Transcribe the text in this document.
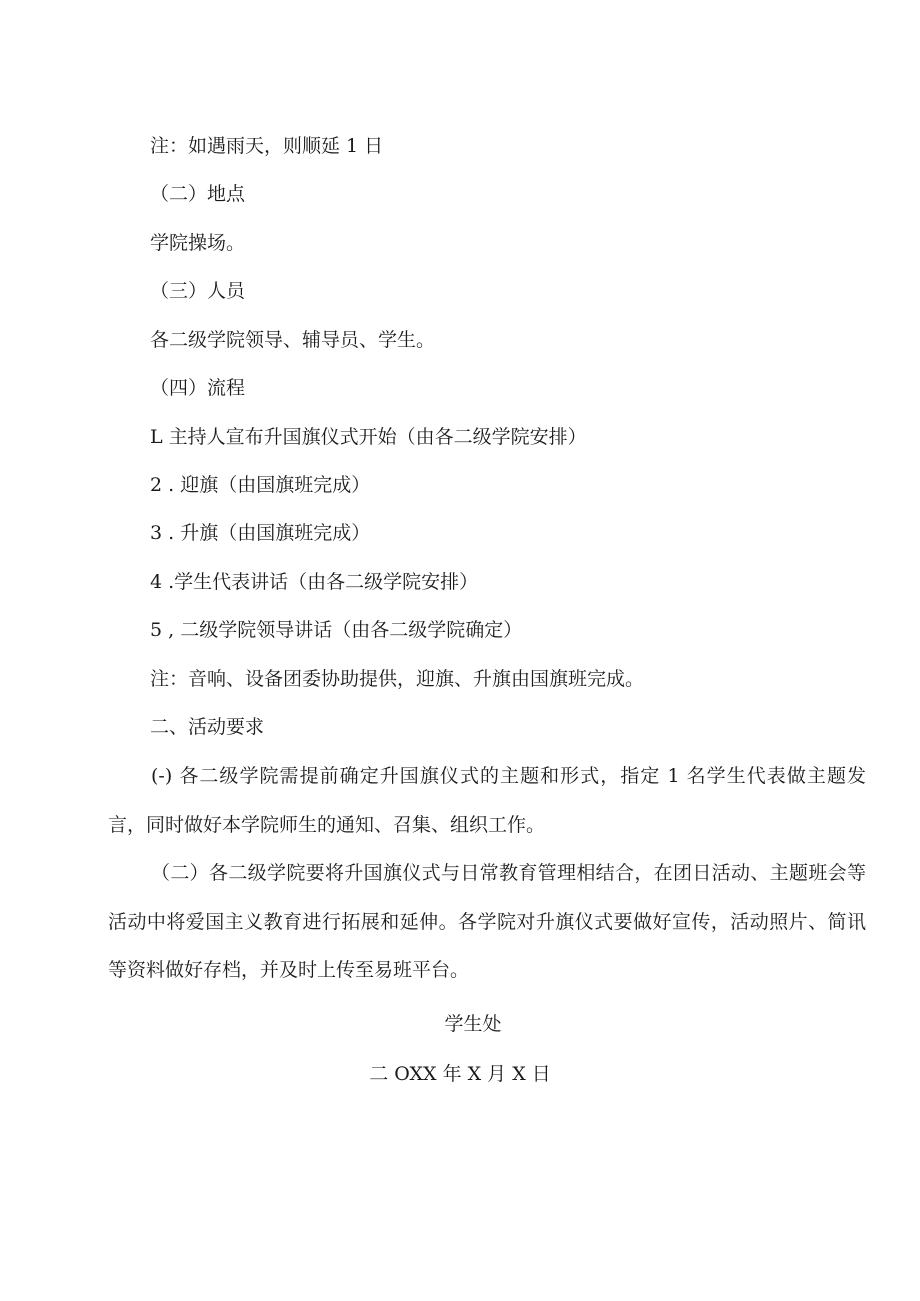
注：如遇雨天，则顺延 1 日
（二）地点
学院操场。
（三）人员
各二级学院领导、辅导员、学生。
（四）流程
L 主持人宣布升国旗仪式开始（由各二级学院安排）
2 . 迎旗（由国旗班完成）
3 . 升旗（由国旗班完成）
4 .学生代表讲话（由各二级学院安排）
5 , 二级学院领导讲话（由各二级学院确定）
注：音响、设备团委协助提供，迎旗、升旗由国旗班完成。
二、活动要求
(-) 各二级学院需提前确定升国旗仪式的主题和形式，指定 1 名学生代表做主题发言，同时做好本学院师生的通知、召集、组织工作。
（二）各二级学院要将升国旗仪式与日常教育管理相结合，在团日活动、主题班会等活动中将爱国主义教育进行拓展和延伸。各学院对升旗仪式要做好宣传，活动照片、简讯等资料做好存档，并及时上传至易班平台。
学生处
二 OXX 年 X 月 X 日
